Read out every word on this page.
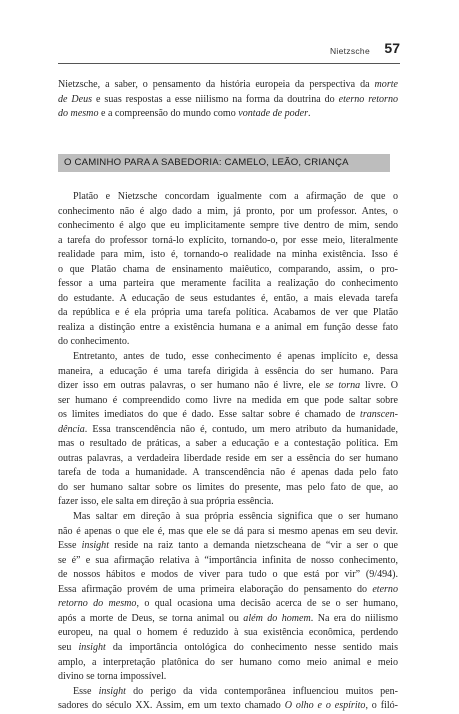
Nietzsche 57
Nietzsche, a saber, o pensamento da história europeia da perspectiva da morte
de Deus e suas respostas a esse niilismo na forma da doutrina do eterno retorno
do mesmo e a compreensão do mundo como vontade de poder.
O CAMINHO PARA A SABEDORIA: CAMELO, LEÃO, CRIANÇA
Platão e Nietzsche concordam igualmente com a afirmação de que o
conhecimento não é algo dado a mim, já pronto, por um professor. Antes, o
conhecimento é algo que eu implicitamente sempre tive dentro de mim, sendo
a tarefa do professor torná-lo explícito, tornando-o, por esse meio, literalmente
realidade para mim, isto é, tornando-o realidade na minha existência. Isso é
o que Platão chama de ensinamento maiêutico, comparando, assim, o pro-
fessor a uma parteira que meramente facilita a realização do conhecimento
do estudante. A educação de seus estudantes é, então, a mais elevada tarefa
da república e é ela própria uma tarefa política. Acabamos de ver que Platão
realiza a distinção entre a existência humana e a animal em função desse fato
do conhecimento.
Entretanto, antes de tudo, esse conhecimento é apenas implícito e, dessa
maneira, a educação é uma tarefa dirigida à essência do ser humano. Para
dizer isso em outras palavras, o ser humano não é livre, ele se torna livre. O
ser humano é compreendido como livre na medida em que pode saltar sobre
os limites imediatos do que é dado. Esse saltar sobre é chamado de transcen-
dência. Essa transcendência não é, contudo, um mero atributo da humanidade,
mas o resultado de práticas, a saber a educação e a contestação política. Em
outras palavras, a verdadeira liberdade reside em ser a essência do ser humano
tarefa de toda a humanidade. A transcendência não é apenas dada pelo fato
do ser humano saltar sobre os limites do presente, mas pelo fato de que, ao
fazer isso, ele salta em direção à sua própria essência.
Mas saltar em direção à sua própria essência significa que o ser humano
não é apenas o que ele é, mas que ele se dá para si mesmo apenas em seu devir.
Esse insight reside na raiz tanto a demanda nietzscheana de “vir a ser o que
se é” e sua afirmação relativa à “importância infinita de nosso conhecimento,
de nossos hábitos e modos de viver para tudo o que está por vir” (9/494).
Essa afirmação provém de uma primeira elaboração do pensamento do eterno
retorno do mesmo, o qual ocasiona uma decisão acerca de se o ser humano,
após a morte de Deus, se torna animal ou além do homem. Na era do niilismo
europeu, na qual o homem é reduzido à sua existência econômica, perdendo
seu insight da importância ontológica do conhecimento nesse sentido mais
amplo, a interpretação platônica do ser humano como meio animal e meio
divino se torna impossível.
Esse insight do perigo da vida contemporânea influenciou muitos pen-
sadores do século XX. Assim, em um texto chamado O olho e o espírito, o filó-
